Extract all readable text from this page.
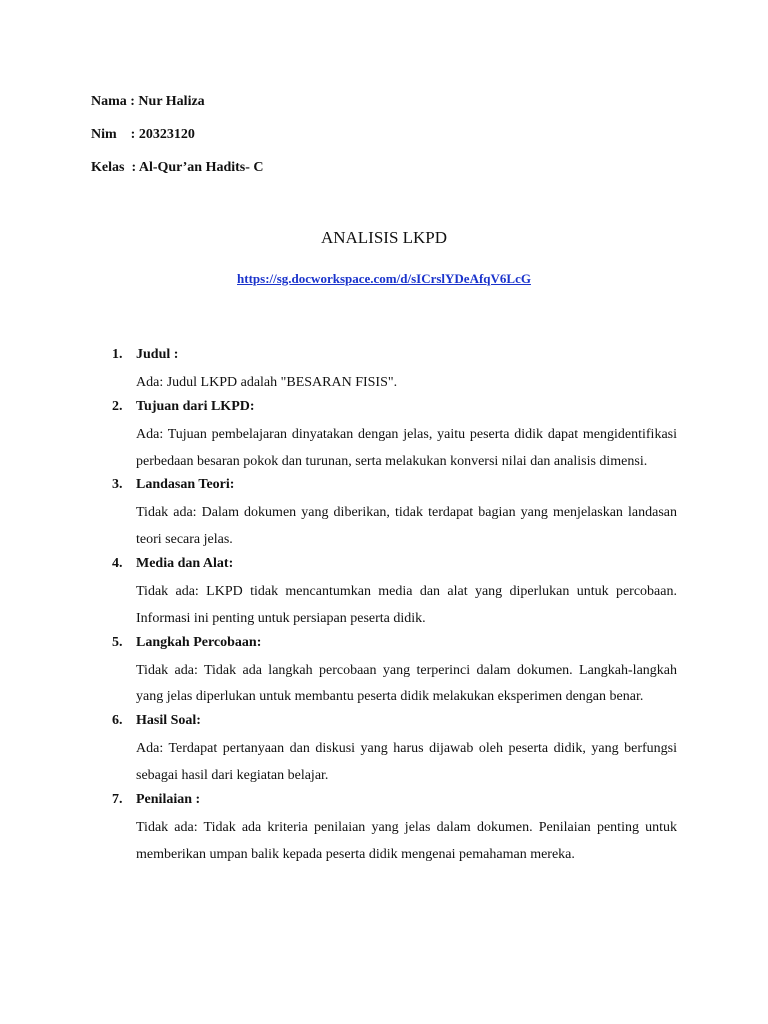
Nama : Nur Haliza
Nim    : 20323120
Kelas  : Al-Qur’an Hadits- C
ANALISIS LKPD
https://sg.docworkspace.com/d/sICrslYDeAfqV6LcG
1. Judul :
Ada: Judul LKPD adalah "BESARAN FISIS".
2. Tujuan dari LKPD:
Ada: Tujuan pembelajaran dinyatakan dengan jelas, yaitu peserta didik dapat mengidentifikasi perbedaan besaran pokok dan turunan, serta melakukan konversi nilai dan analisis dimensi.
3. Landasan Teori:
Tidak ada: Dalam dokumen yang diberikan, tidak terdapat bagian yang menjelaskan landasan teori secara jelas.
4. Media dan Alat:
Tidak ada: LKPD tidak mencantumkan media dan alat yang diperlukan untuk percobaan. Informasi ini penting untuk persiapan peserta didik.
5. Langkah Percobaan:
Tidak ada: Tidak ada langkah percobaan yang terperinci dalam dokumen. Langkah-langkah yang jelas diperlukan untuk membantu peserta didik melakukan eksperimen dengan benar.
6. Hasil Soal:
Ada: Terdapat pertanyaan dan diskusi yang harus dijawab oleh peserta didik, yang berfungsi sebagai hasil dari kegiatan belajar.
7. Penilaian :
Tidak ada: Tidak ada kriteria penilaian yang jelas dalam dokumen. Penilaian penting untuk memberikan umpan balik kepada peserta didik mengenai pemahaman mereka.
